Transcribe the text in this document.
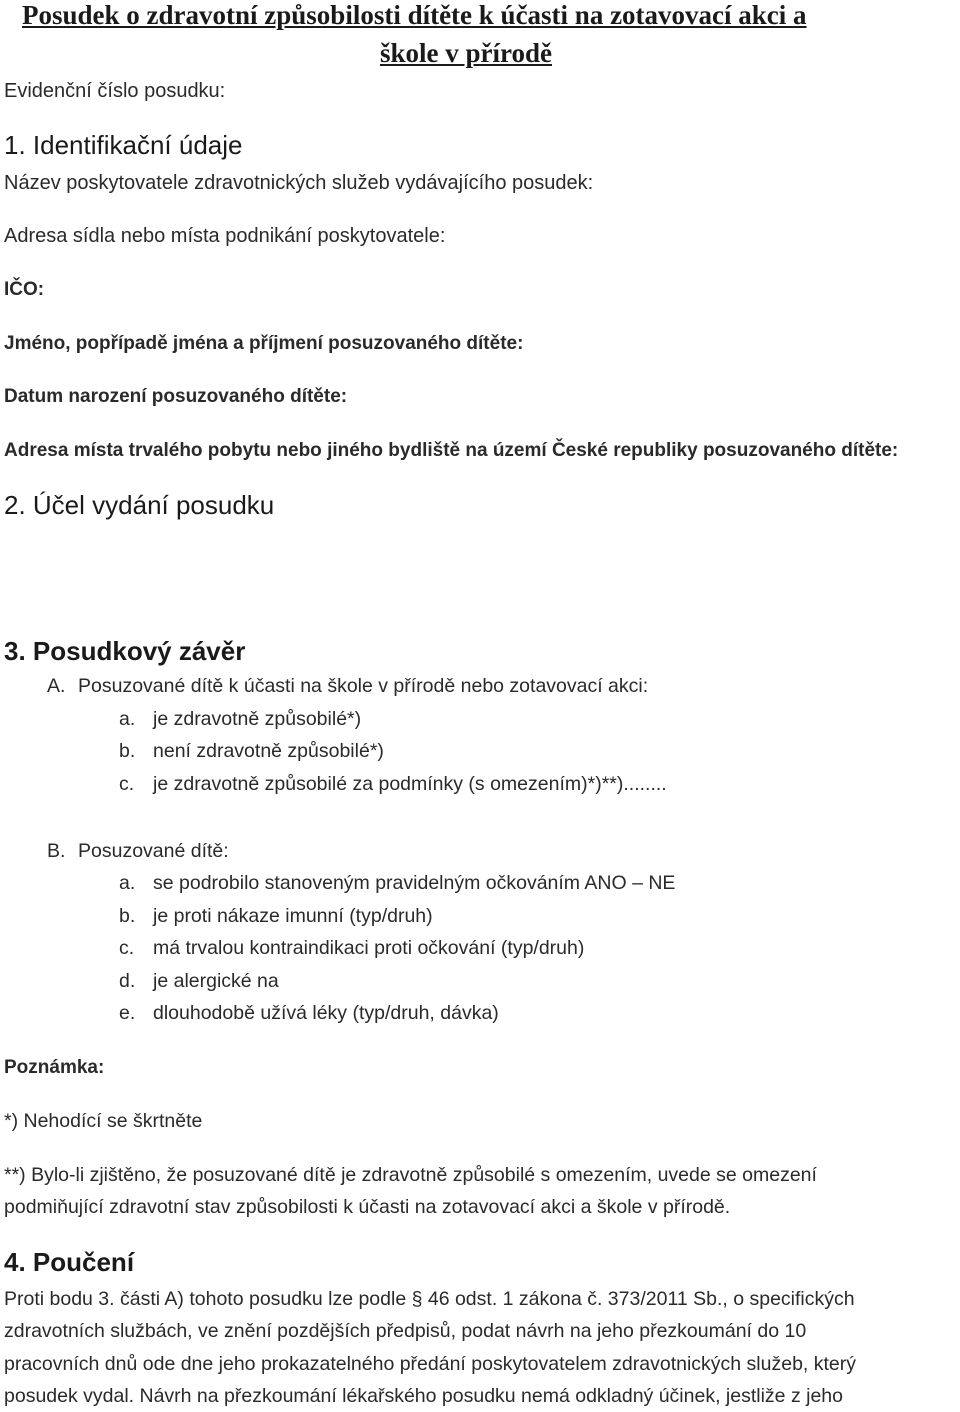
Posudek o zdravotní způsobilosti dítěte k účasti na zotavovací akci a
škole v přírodě
Evidenční číslo posudku:
1. Identifikační údaje
Název poskytovatele zdravotnických služeb vydávajícího posudek:
Adresa sídla nebo místa podnikání poskytovatele:
IČO:
Jméno, popřípadě jména a příjmení posuzovaného dítěte:
Datum narození posuzovaného dítěte:
Adresa místa trvalého pobytu nebo jiného bydliště na území České republiky posuzovaného dítěte:
2. Účel vydání posudku
3. Posudkový závěr
A. Posuzované dítě k účasti na škole v přírodě nebo zotavovací akci:
a. je zdravotně způsobilé*)
b. není zdravotně způsobilé*)
c. je zdravotně způsobilé za podmínky (s omezením)*)**)........
B. Posuzované dítě:
a. se podrobilo stanoveným pravidelným očkováním ANO – NE
b. je proti nákaze imunní (typ/druh)
c. má trvalou kontraindikaci proti očkování (typ/druh)
d. je alergické na
e. dlouhodobě užívá léky (typ/druh, dávka)
Poznámka:
*) Nehodící se škrtněte
**) Bylo-li zjištěno, že posuzované dítě je zdravotně způsobilé s omezením, uvede se omezení
podmiňující zdravotní stav způsobilosti k účasti na zotavovací akci a škole v přírodě.
4. Poučení
Proti bodu 3. části A) tohoto posudku lze podle § 46 odst. 1 zákona č. 373/2011 Sb., o specifických
zdravotních službách, ve znění pozdějších předpisů, podat návrh na jeho přezkoumání do 10
pracovních dnů ode dne jeho prokazatelného předání poskytovatelem zdravotnických služeb, který
posudek vydal. Návrh na přezkoumání lékařského posudku nemá odkladný účinek, jestliže z jeho
